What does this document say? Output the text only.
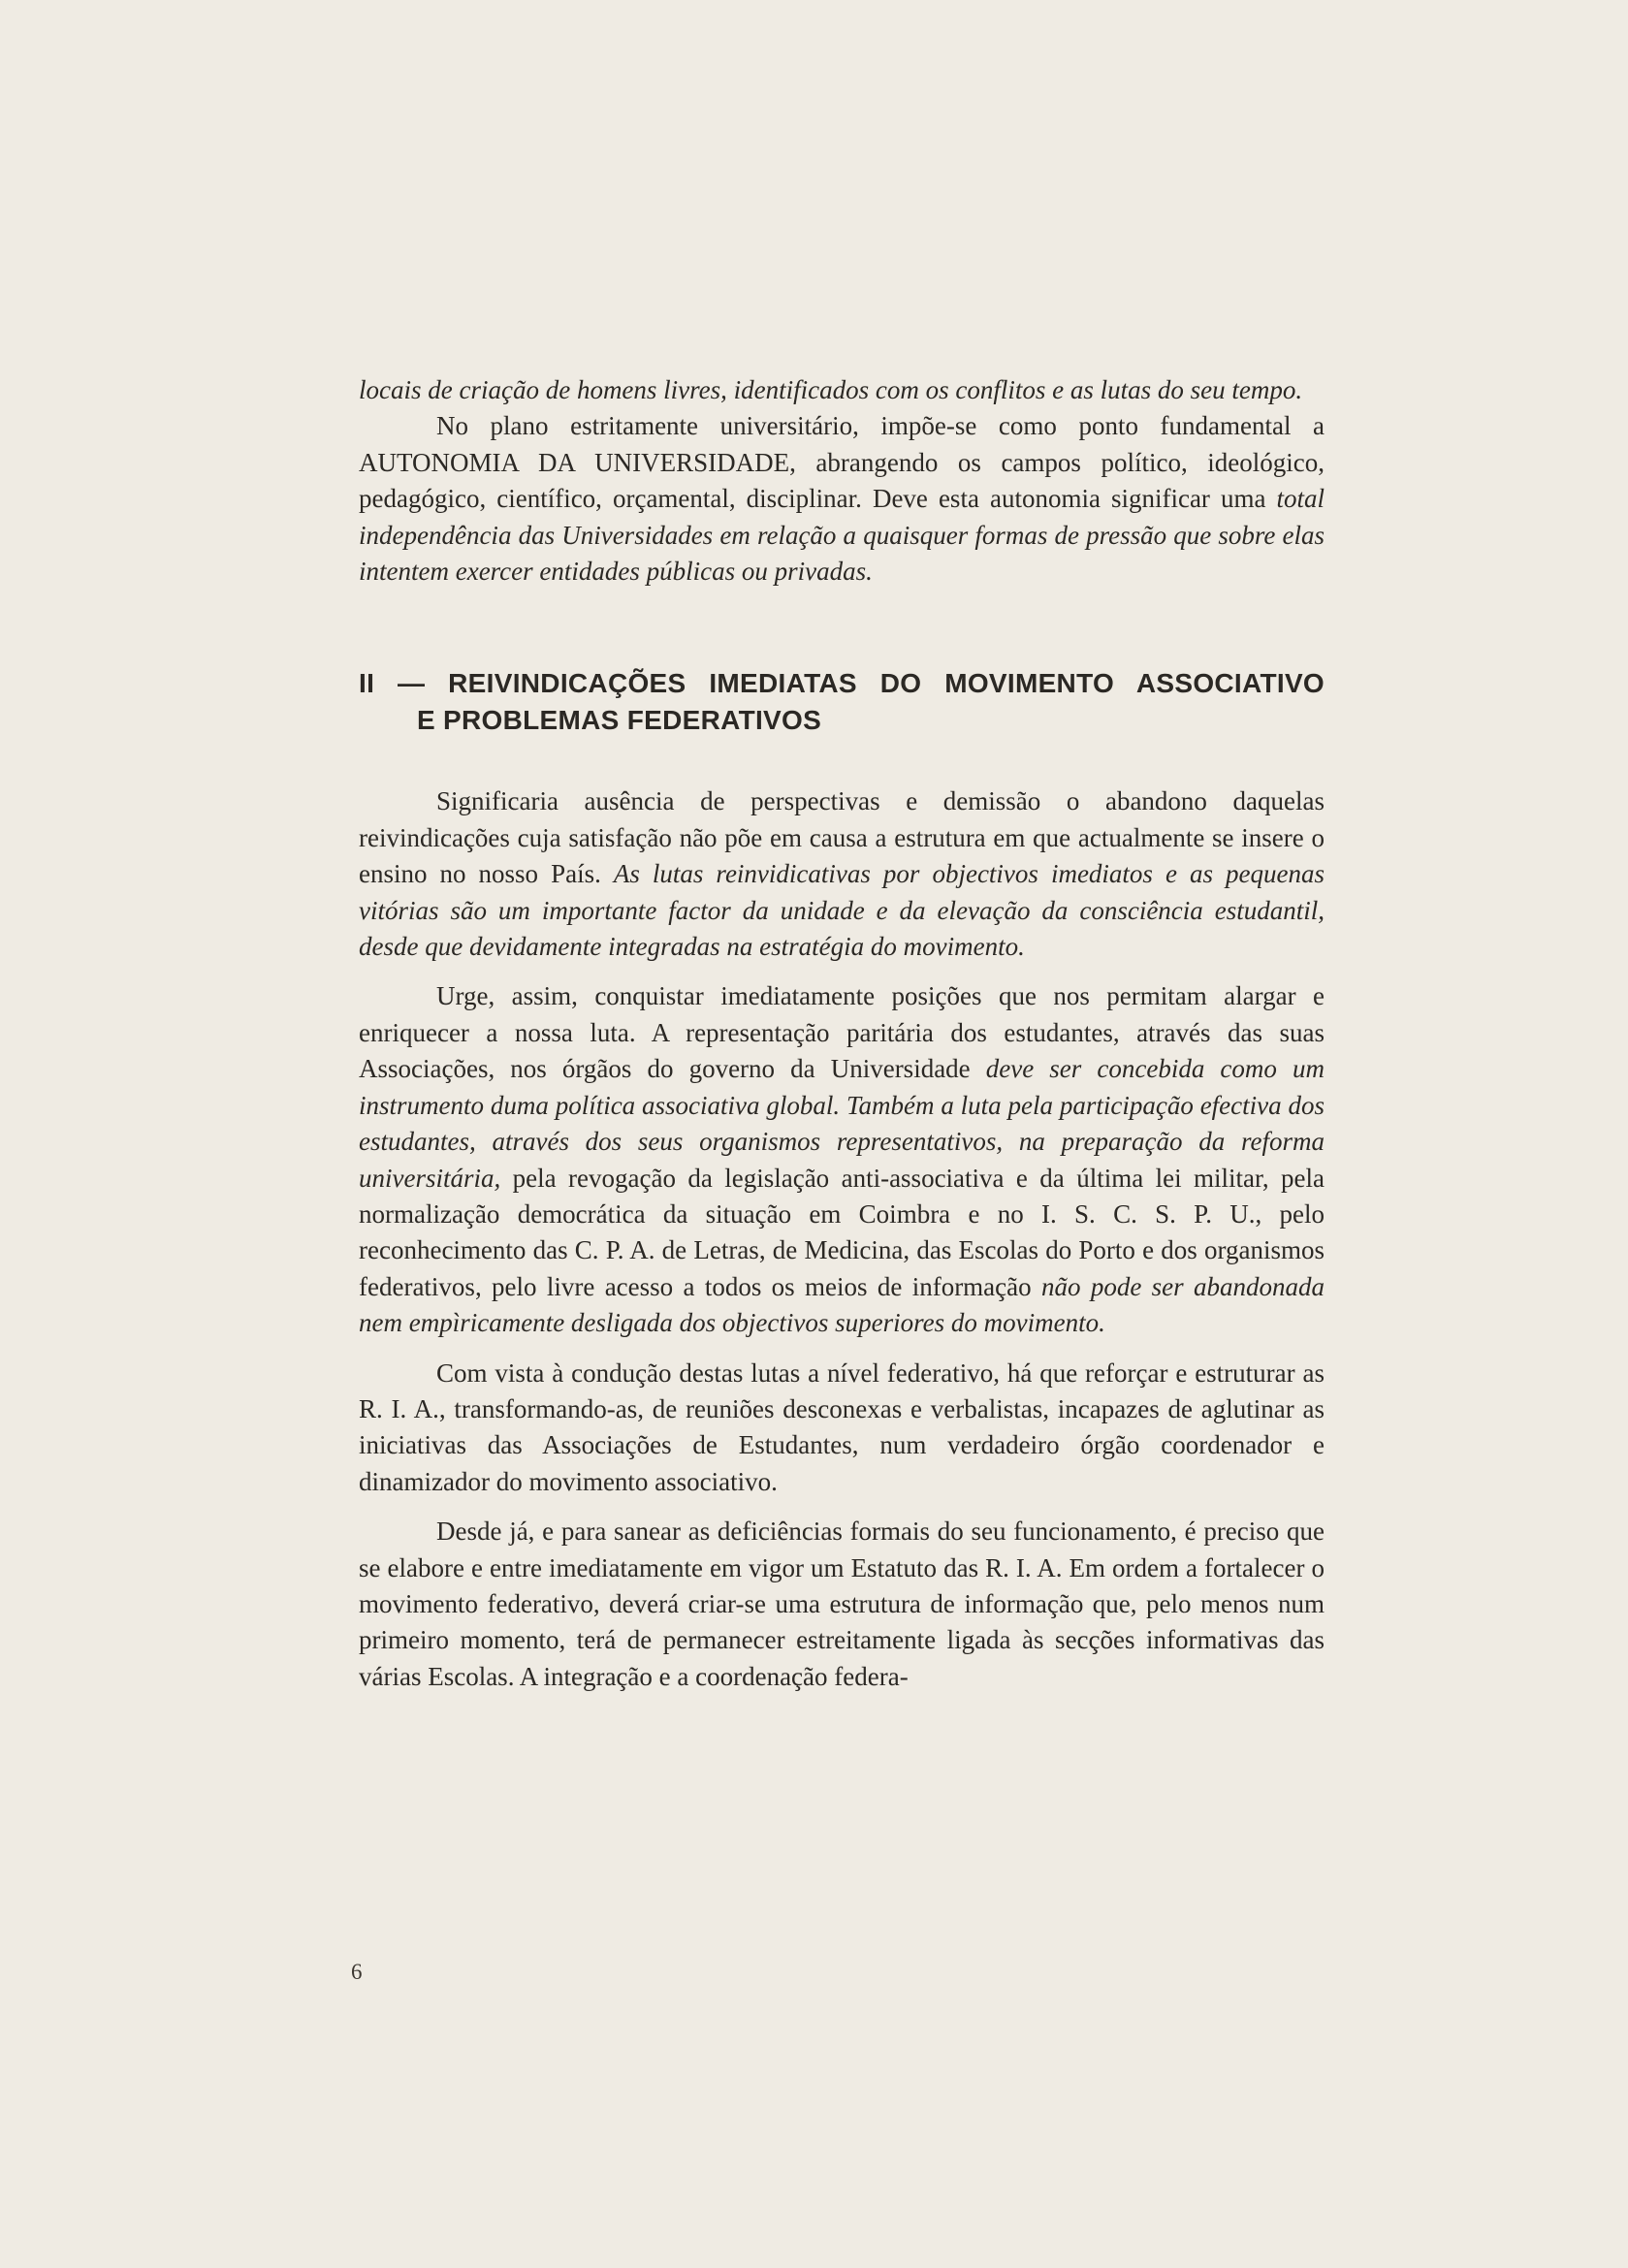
locais de criação de homens livres, identificados com os conflitos e as lutas do seu tempo.

No plano estritamente universitário, impõe-se como ponto fundamental a AUTONOMIA DA UNIVERSIDADE, abrangendo os campos político, ideológico, pedagógico, científico, orçamental, disciplinar. Deve esta autonomia significar uma total independência das Universidades em relação a quaisquer formas de pressão que sobre elas intentem exercer entidades públicas ou privadas.

II — REIVINDICAÇÕES IMEDIATAS DO MOVIMENTO ASSOCIATIVO
E PROBLEMAS FEDERATIVOS

Significaria ausência de perspectivas e demissão o abandono daquelas reivindicações cuja satisfação não põe em causa a estrutura em que actualmente se insere o ensino no nosso País. As lutas reinvidicativas por objectivos imediatos e as pequenas vitórias são um importante factor da unidade e da elevação da consciência estudantil, desde que devidamente integradas na estratégia do movimento.

Urge, assim, conquistar imediatamente posições que nos permitam alargar e enriquecer a nossa luta. A representação paritária dos estudantes, através das suas Associações, nos órgãos do governo da Universidade deve ser concebida como um instrumento duma política associativa global. Também a luta pela participação efectiva dos estudantes, através dos seus organismos representativos, na preparação da reforma universitária, pela revogação da legislação anti-associativa e da última lei militar, pela normalização democrática da situação em Coimbra e no I. S. C. S. P. U., pelo reconhecimento das C. P. A. de Letras, de Medicina, das Escolas do Porto e dos organismos federativos, pelo livre acesso a todos os meios de informação não pode ser abandonada nem empìricamente desligada dos objectivos superiores do movimento.

Com vista à condução destas lutas a nível federativo, há que reforçar e estruturar as R. I. A., transformando-as, de reuniões desconexas e verbalistas, incapazes de aglutinar as iniciativas das Associações de Estudantes, num verdadeiro órgão coordenador e dinamizador do movimento associativo.

Desde já, e para sanear as deficiências formais do seu funcionamento, é preciso que se elabore e entre imediatamente em vigor um Estatuto das R. I. A. Em ordem a fortalecer o movimento federativo, deverá criar-se uma estrutura de informação que, pelo menos num primeiro momento, terá de permanecer estreitamente ligada às secções informativas das várias Escolas. A integração e a coordenação federa-

6
